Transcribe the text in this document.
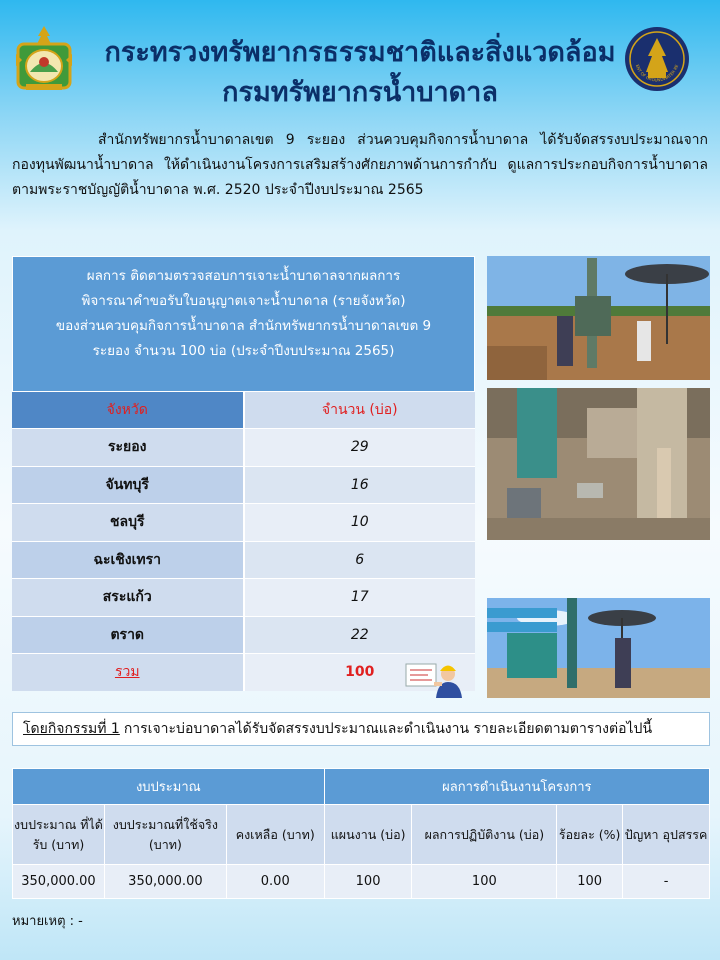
กระทรวงทรัพยากรธรรมชาติและสิ่งแวดล้อม
กรมทรัพยากรน้ำบาดาล
ENT OF GROUNDWATER RE

สำนักทรัพยากรน้ำบาดาลเขต 9 ระยอง ส่วนควบคุมกิจการน้ำบาดาล ได้รับจัดสรรงบประมาณจากกองทุนพัฒนาน้ำบาดาล ให้ดำเนินงานโครงการเสริมสร้างศักยภาพด้านการกำกับ ดูแลการประกอบกิจการน้ำบาดาล ตามพระราชบัญญัติน้ำบาดาล พ.ศ. 2520 ประจำปีงบประมาณ 2565

ผลการ ติดตามตรวจสอบการเจาะน้ำบาดาลจากผลการ
พิจารณาคำขอรับใบอนุญาตเจาะน้ำบาดาล (รายจังหวัด)
ของส่วนควบคุมกิจการน้ำบาดาล สำนักทรัพยากรน้ำบาดาลเขต 9
ระยอง จำนวน 100 บ่อ (ประจำปีงบประมาณ 2565)
จังหวัด	จำนวน (บ่อ)
ระยอง	29
จันทบุรี	16
ชลบุรี	10
ฉะเชิงเทรา	6
สระแก้ว	17
ตราด	22
รวม	100
โดยกิจกรรมที่ 1 การเจาะบ่อบาดาลได้รับจัดสรรงบประมาณและดำเนินงาน รายละเอียดตามตารางต่อไปนี้
งบประมาณ			ผลการดำเนินงานโครงการ			
งบประมาณ ที่ได้รับ (บาท)	งบประมาณที่ใช้จริง (บาท)	คงเหลือ (บาท)	แผนงาน (บ่อ)	ผลการปฏิบัติงาน (บ่อ)	ร้อยละ (%)	ปัญหา อุปสรรค
350,000.00	350,000.00	0.00	100	100	100	-
หมายเหตุ : -
